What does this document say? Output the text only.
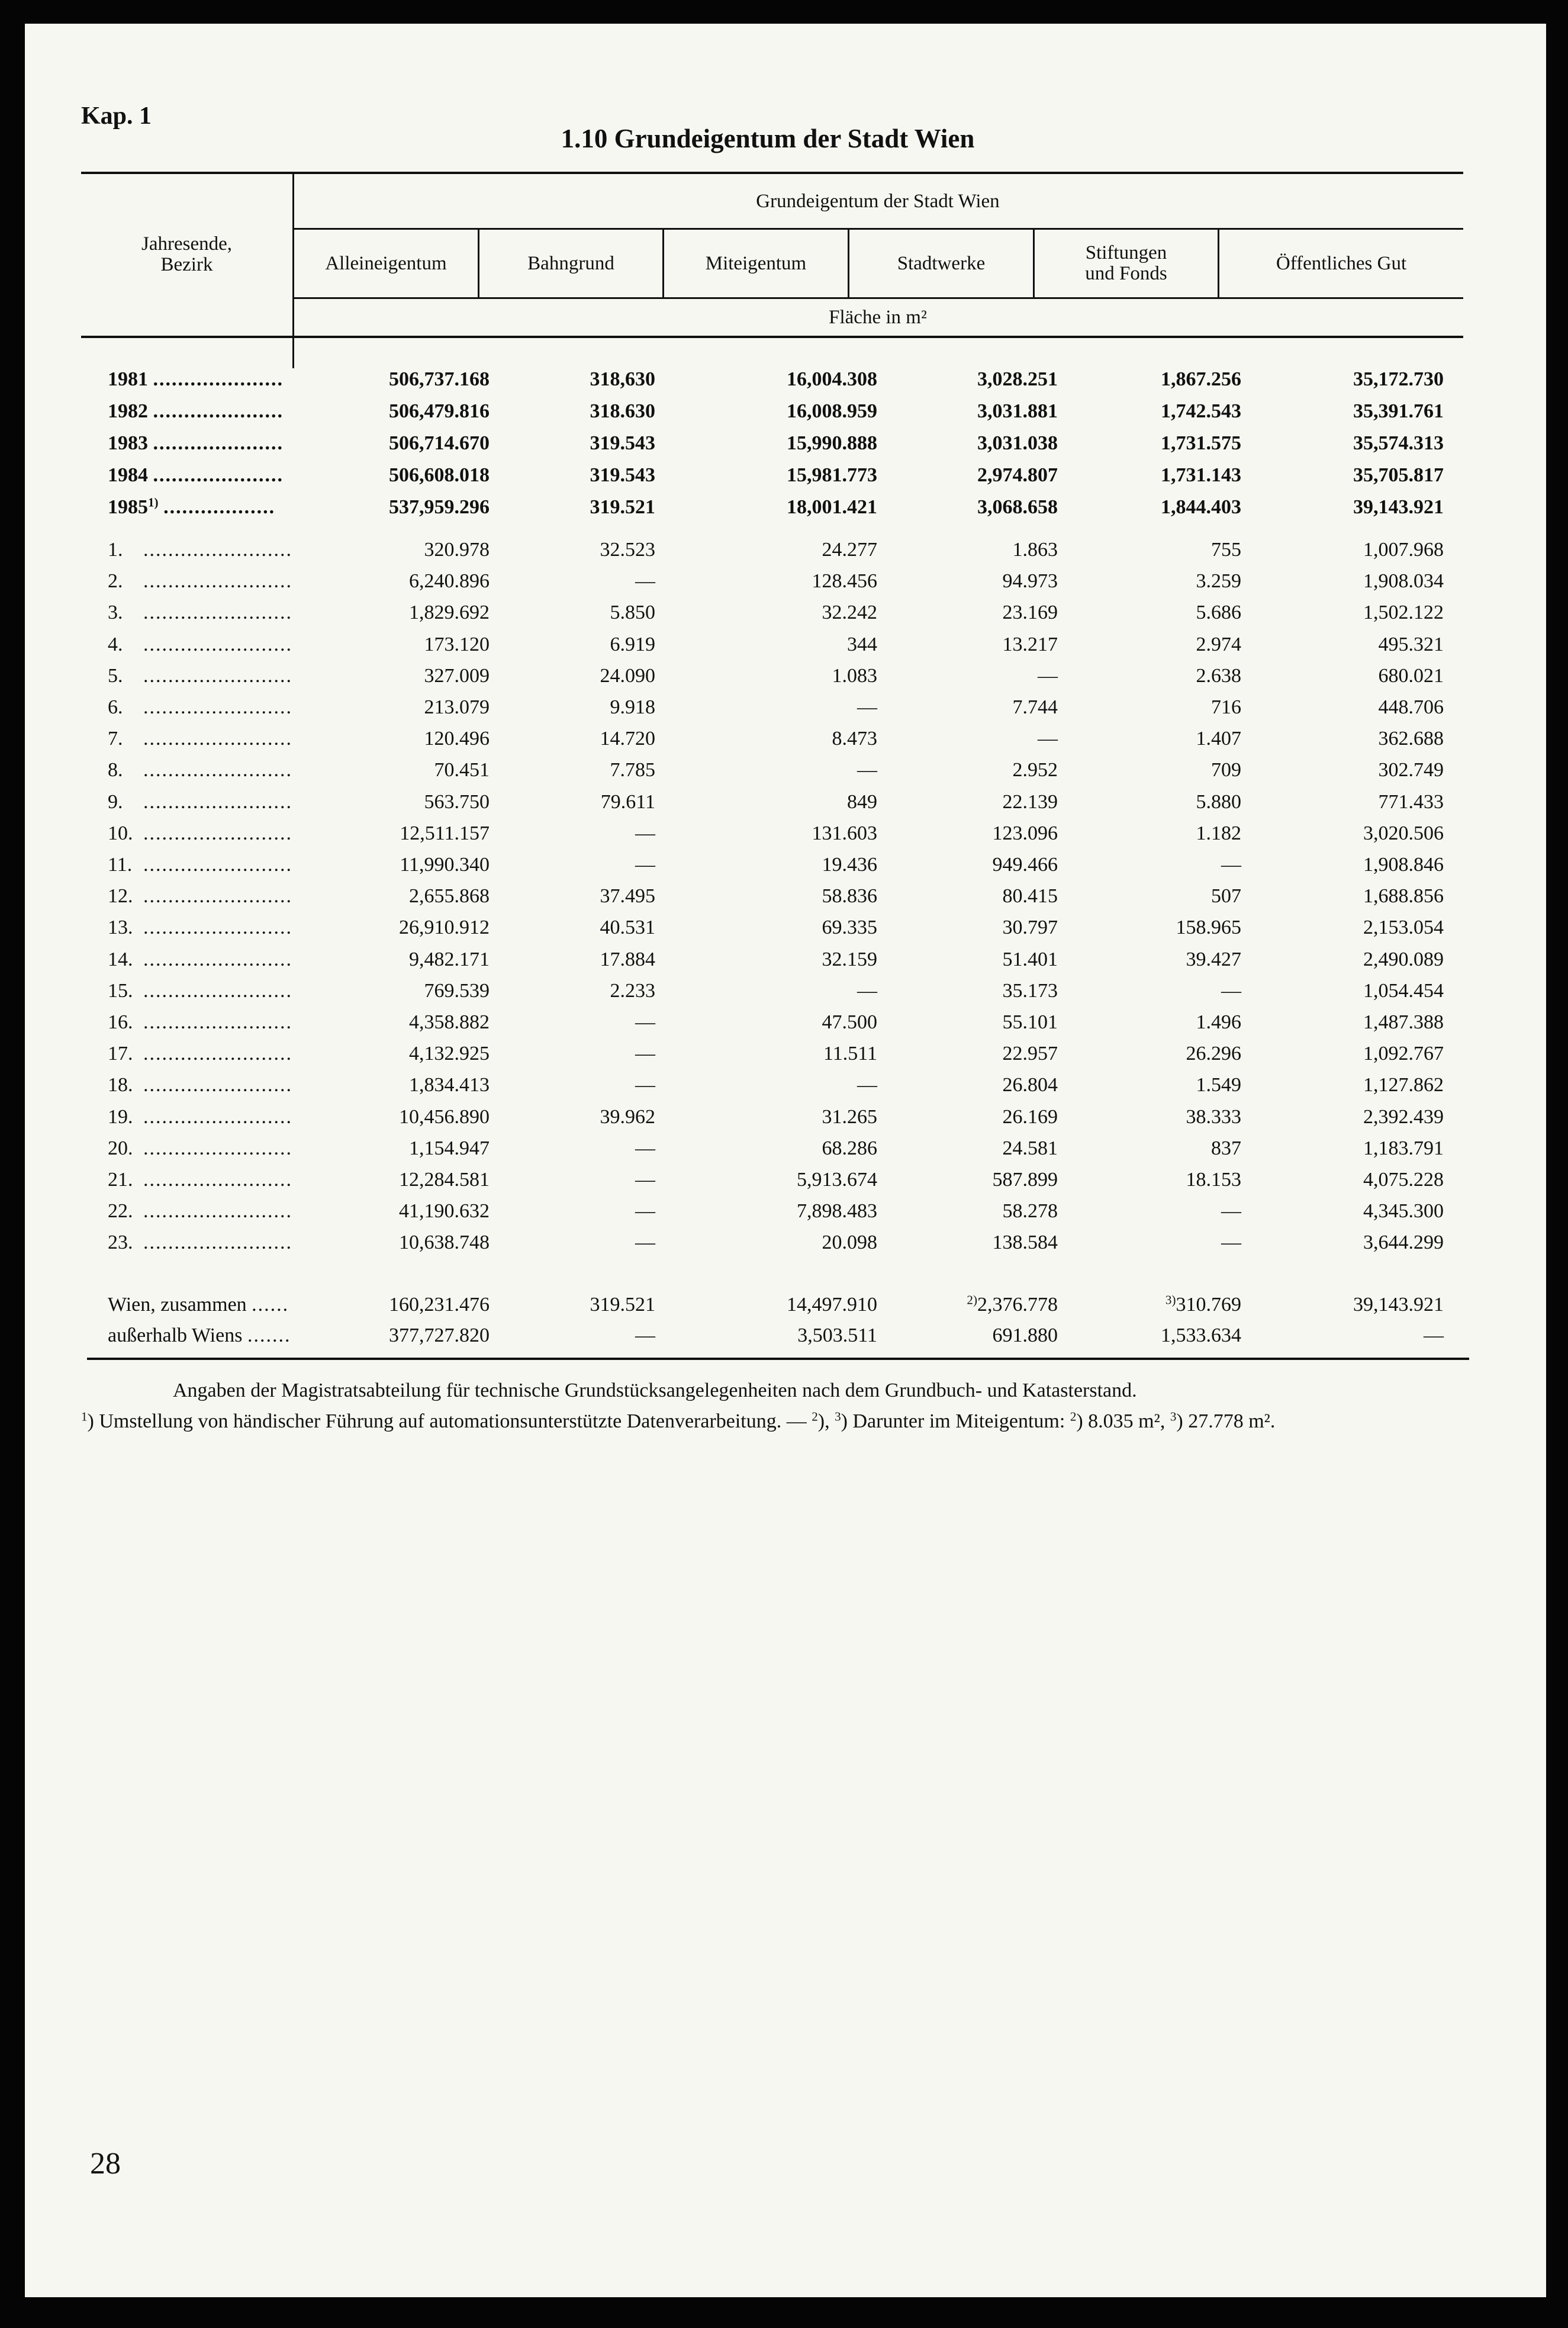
Kap. 1
1.10 Grundeigentum der Stadt Wien
Grundeigentum der Stadt Wien
Jahresende,
Bezirk	Alleineigentum	Bahngrund	Miteigentum	Stadtwerke	Stiftungen
und Fonds	Öffentliches Gut
Fläche in m²
1981 .....................	506,737.168	318,630	16,004.308	3,028.251	1,867.256	35,172.730
1982 .....................	506,479.816	318.630	16,008.959	3,031.881	1,742.543	35,391.761
1983 .....................	506,714.670	319.543	15,990.888	3,031.038	1,731.575	35,574.313
1984 .....................	506,608.018	319.543	15,981.773	2,974.807	1,731.143	35,705.817
1985$^{1)}$ ..................	537,959.296	319.521	18,001.421	3,068.658	1,844.403	39,143.921
1. ........................	320.978	32.523	24.277	1.863	755	1,007.968
2. ........................	6,240.896	—	128.456	94.973	3.259	1,908.034
3. ........................	1,829.692	5.850	32.242	23.169	5.686	1,502.122
4. ........................	173.120	6.919	344	13.217	2.974	495.321
5. ........................	327.009	24.090	1.083	—	2.638	680.021
6. ........................	213.079	9.918	—	7.744	716	448.706
7. ........................	120.496	14.720	8.473	—	1.407	362.688
8. ........................	70.451	7.785	—	2.952	709	302.749
9. ........................	563.750	79.611	849	22.139	5.880	771.433
10. ........................	12,511.157	—	131.603	123.096	1.182	3,020.506
11. ........................	11,990.340	—	19.436	949.466	—	1,908.846
12. ........................	2,655.868	37.495	58.836	80.415	507	1,688.856
13. ........................	26,910.912	40.531	69.335	30.797	158.965	2,153.054
14. ........................	9,482.171	17.884	32.159	51.401	39.427	2,490.089
15. ........................	769.539	2.233	—	35.173	—	1,054.454
16. ........................	4,358.882	—	47.500	55.101	1.496	1,487.388
17. ........................	4,132.925	—	11.511	22.957	26.296	1,092.767
18. ........................	1,834.413	—	—	26.804	1.549	1,127.862
19. ........................	10,456.890	39.962	31.265	26.169	38.333	2,392.439
20. ........................	1,154.947	—	68.286	24.581	837	1,183.791
21. ........................	12,284.581	—	5,913.674	587.899	18.153	4,075.228
22. ........................	41,190.632	—	7,898.483	58.278	—	4,345.300
23. ........................	10,638.748	—	20.098	138.584	—	3,644.299
Wien, zusammen ......	160,231.476	319.521	14,497.910	$^{2)}$2,376.778	$^{3)}$310.769	39,143.921
außerhalb Wiens .......	377,727.820	—	3,503.511	691.880	1,533.634	—
Angaben der Magistratsabteilung für technische Grundstücksangelegenheiten nach dem Grundbuch- und Katasterstand.
$^1$) Umstellung von händischer Führung auf automationsunterstützte Datenverarbeitung. — $^2$), $^3$) Darunter im Miteigentum: $^2$) 8.035 m², $^3$) 27.778 m².
28
